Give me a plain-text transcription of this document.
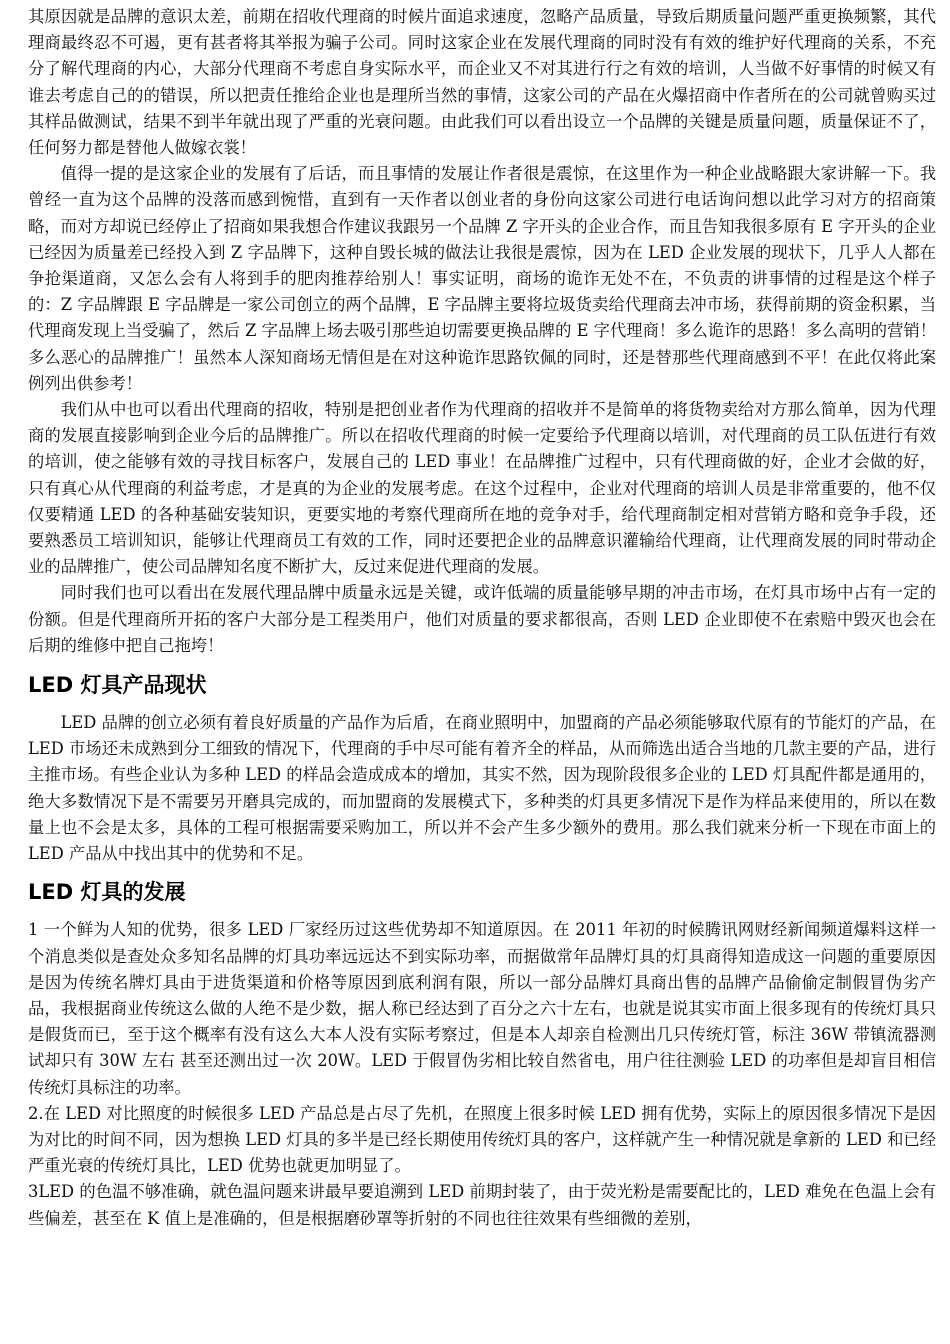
其原因就是品牌的意识太差，前期在招收代理商的时候片面追求速度，忽略产品质量，导致后期质量问题严重更换频繁，其代理商最终忍不可遏，更有甚者将其举报为骗子公司。同时这家企业在发展代理商的同时没有有效的维护好代理商的关系，不充分了解代理商的内心，大部分代理商不考虑自身实际水平，而企业又不对其进行行之有效的培训，人当做不好事情的时候又有谁去考虑自己的的错误，所以把责任推给企业也是理所当然的事情，这家公司的产品在火爆招商中作者所在的公司就曾购买过其样品做测试，结果不到半年就出现了严重的光衰问题。由此我们可以看出设立一个品牌的关键是质量问题，质量保证不了，任何努力都是替他人做嫁衣裳！

值得一提的是这家企业的发展有了后话，而且事情的发展让作者很是震惊，在这里作为一种企业战略跟大家讲解一下。我曾经一直为这个品牌的没落而感到惋惜，直到有一天作者以创业者的身份向这家公司进行电话询问想以此学习对方的招商策略，而对方却说已经停止了招商如果我想合作建议我跟另一个品牌 Z 字开头的企业合作，而且告知我很多原有 E 字开头的企业已经因为质量差已经投入到 Z 字品牌下，这种自毁长城的做法让我很是震惊，因为在 LED 企业发展的现状下，几乎人人都在争抢渠道商，又怎么会有人将到手的肥肉推荐给别人！事实证明，商场的诡诈无处不在，不负责的讲事情的过程是这个样子的：Z 字品牌跟 E 字品牌是一家公司创立的两个品牌，E 字品牌主要将垃圾货卖给代理商去冲市场，获得前期的资金积累，当代理商发现上当受骗了，然后 Z 字品牌上场去吸引那些迫切需要更换品牌的 E 字代理商！多么诡诈的思路！多么高明的营销！多么恶心的品牌推广！虽然本人深知商场无情但是在对这种诡诈思路钦佩的同时，还是替那些代理商感到不平！在此仅将此案例列出供参考！

我们从中也可以看出代理商的招收，特别是把创业者作为代理商的招收并不是简单的将货物卖给对方那么简单，因为代理商的发展直接影响到企业今后的品牌推广。所以在招收代理商的时候一定要给予代理商以培训，对代理商的员工队伍进行有效的培训，使之能够有效的寻找目标客户，发展自己的 LED 事业！在品牌推广过程中，只有代理商做的好，企业才会做的好，只有真心从代理商的利益考虑，才是真的为企业的发展考虑。在这个过程中，企业对代理商的培训人员是非常重要的，他不仅仅要精通 LED 的各种基础安装知识，更要实地的考察代理商所在地的竞争对手，给代理商制定相对营销方略和竞争手段，还要熟悉员工培训知识，能够让代理商员工有效的工作，同时还要把企业的品牌意识灌输给代理商，让代理商发展的同时带动企业的品牌推广，使公司品牌知名度不断扩大，反过来促进代理商的发展。

同时我们也可以看出在发展代理品牌中质量永远是关键，或许低端的质量能够早期的冲击市场，在灯具市场中占有一定的份额。但是代理商所开拓的客户大部分是工程类用户，他们对质量的要求都很高，否则 LED 企业即使不在索赔中毁灭也会在后期的维修中把自己拖垮！

LED 灯具产品现状

LED 品牌的创立必须有着良好质量的产品作为后盾，在商业照明中，加盟商的产品必须能够取代原有的节能灯的产品，在 LED 市场还未成熟到分工细致的情况下，代理商的手中尽可能有着齐全的样品，从而筛选出适合当地的几款主要的产品，进行主推市场。有些企业认为多种 LED 的样品会造成成本的增加，其实不然，因为现阶段很多企业的 LED 灯具配件都是通用的，绝大多数情况下是不需要另开磨具完成的，而加盟商的发展模式下，多种类的灯具更多情况下是作为样品来使用的，所以在数量上也不会是太多，具体的工程可根据需要采购加工，所以并不会产生多少额外的费用。那么我们就来分析一下现在市面上的 LED 产品从中找出其中的优势和不足。

LED 灯具的发展

1 一个鲜为人知的优势，很多 LED 厂家经历过这些优势却不知道原因。在 2011 年初的时候腾讯网财经新闻频道爆料这样一个消息类似是查处众多知名品牌的灯具功率远远达不到实际功率，而据做常年品牌灯具的灯具商得知造成这一问题的重要原因是因为传统名牌灯具由于进货渠道和价格等原因到底利润有限，所以一部分品牌灯具商出售的品牌产品偷偷定制假冒伪劣产品，我根据商业传统这么做的人绝不是少数，据人称已经达到了百分之六十左右，也就是说其实市面上很多现有的传统灯具只是假货而已，至于这个概率有没有这么大本人没有实际考察过，但是本人却亲自检测出几只传统灯管，标注 36W 带镇流器测试却只有 30W 左右 甚至还测出过一次 20W。LED 于假冒伪劣相比较自然省电，用户往往测验 LED 的功率但是却盲目相信传统灯具标注的功率。

2.在 LED 对比照度的时候很多 LED 产品总是占尽了先机，在照度上很多时候 LED 拥有优势，实际上的原因很多情况下是因为对比的时间不同，因为想换 LED 灯具的多半是已经长期使用传统灯具的客户，这样就产生一种情况就是拿新的 LED 和已经严重光衰的传统灯具比，LED 优势也就更加明显了。

3LED 的色温不够准确，就色温问题来讲最早要追溯到 LED 前期封装了，由于荧光粉是需要配比的，LED 难免在色温上会有些偏差，甚至在 K 值上是准确的，但是根据磨砂罩等折射的不同也往往效果有些细微的差别，
